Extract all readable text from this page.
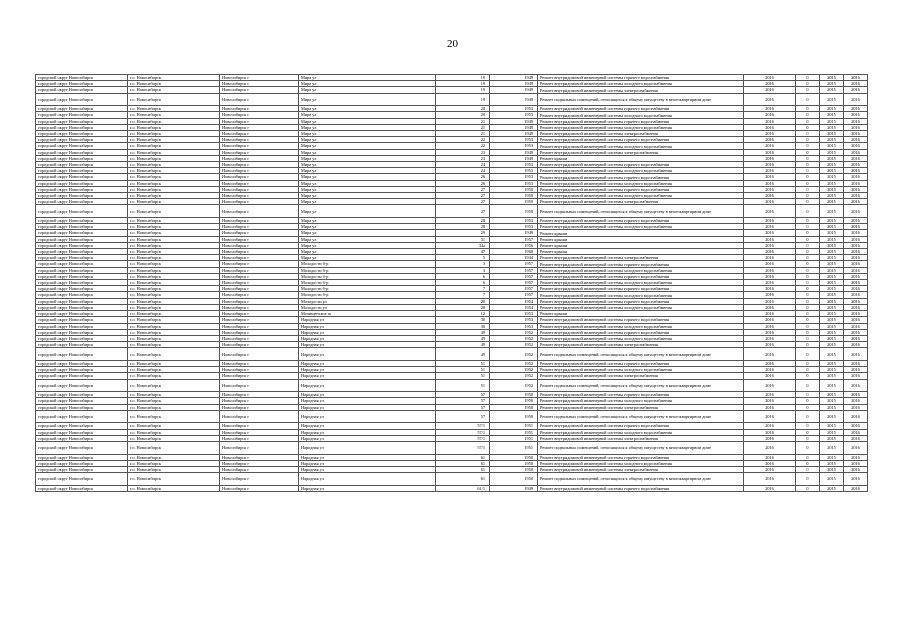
20
городской округ Новосибирск	г.о. Новосибирск	Новосибирск г	Мира ул	19	1949	Ремонт внутридомовой инженерной системы горячего водоснабжения	2016	0	2015	2016
городской округ Новосибирск	г.о. Новосибирск	Новосибирск г	Мира ул	19	1949	Ремонт внутридомовой инженерной системы холодного водоснабжения	2016	0	2015	2016
городской округ Новосибирск	г.о. Новосибирск	Новосибирск г	Мира ул	19	1949	Ремонт внутридомовой инженерной системы электроснабжения	2016	0	2015	2016
городской округ Новосибирск	г.о. Новосибирск	Новосибирск г	Мира ул	19	1949	Ремонт подвальных помещений, относящихся к общему имуществу в многоквартирном доме	2016	0	2015	2016
городской округ Новосибирск	г.о. Новосибирск	Новосибирск г	Мира ул	20	1953	Ремонт внутридомовой инженерной системы горячего водоснабжения	2016	0	2015	2016
городской округ Новосибирск	г.о. Новосибирск	Новосибирск г	Мира ул	20	1953	Ремонт внутридомовой инженерной системы холодного водоснабжения	2016	0	2015	2016
городской округ Новосибирск	г.о. Новосибирск	Новосибирск г	Мира ул	21	1949	Ремонт внутридомовой инженерной системы горячего водоснабжения	2016	0	2015	2016
городской округ Новосибирск	г.о. Новосибирск	Новосибирск г	Мира ул	21	1949	Ремонт внутридомовой инженерной системы холодного водоснабжения	2016	0	2015	2016
городской округ Новосибирск	г.о. Новосибирск	Новосибирск г	Мира ул	21	1949	Ремонт внутридомовой инженерной системы электроснабжения	2016	0	2015	2016
городской округ Новосибирск	г.о. Новосибирск	Новосибирск г	Мира ул	22	1953	Ремонт внутридомовой инженерной системы горячего водоснабжения	2016	0	2015	2016
городской округ Новосибирск	г.о. Новосибирск	Новосибирск г	Мира ул	22	1953	Ремонт внутридомовой инженерной системы холодного водоснабжения	2016	0	2015	2016
городской округ Новосибирск	г.о. Новосибирск	Новосибирск г	Мира ул	23	1949	Ремонт внутридомовой инженерной системы электроснабжения	2016	0	2015	2016
городской округ Новосибирск	г.о. Новосибирск	Новосибирск г	Мира ул	23	1949	Ремонт крыши	2016	0	2015	2016
городской округ Новосибирск	г.о. Новосибирск	Новосибирск г	Мира ул	24	1953	Ремонт внутридомовой инженерной системы горячего водоснабжения	2016	0	2015	2016
городской округ Новосибирск	г.о. Новосибирск	Новосибирск г	Мира ул	24	1953	Ремонт внутридомовой инженерной системы холодного водоснабжения	2016	0	2015	2016
городской округ Новосибирск	г.о. Новосибирск	Новосибирск г	Мира ул	26	1953	Ремонт внутридомовой инженерной системы горячего водоснабжения	2016	0	2015	2016
городской округ Новосибирск	г.о. Новосибирск	Новосибирск г	Мира ул	26	1953	Ремонт внутридомовой инженерной системы холодного водоснабжения	2016	0	2015	2016
городской округ Новосибирск	г.о. Новосибирск	Новосибирск г	Мира ул	27	1950	Ремонт внутридомовой инженерной системы горячего водоснабжения	2016	0	2015	2016
городской округ Новосибирск	г.о. Новосибирск	Новосибирск г	Мира ул	27	1950	Ремонт внутридомовой инженерной системы холодного водоснабжения	2016	0	2015	2016
городской округ Новосибирск	г.о. Новосибирск	Новосибирск г	Мира ул	27	1950	Ремонт внутридомовой инженерной системы электроснабжения	2016	0	2015	2016
городской округ Новосибирск	г.о. Новосибирск	Новосибирск г	Мира ул	27	1950	Ремонт подвальных помещений, относящихся к общему имуществу в многоквартирном доме	2016	0	2015	2016
городской округ Новосибирск	г.о. Новосибирск	Новосибирск г	Мира ул	28	1953	Ремонт внутридомовой инженерной системы горячего водоснабжения	2016	0	2015	2016
городской округ Новосибирск	г.о. Новосибирск	Новосибирск г	Мира ул	28	1953	Ремонт внутридомовой инженерной системы холодного водоснабжения	2016	0	2015	2016
городской округ Новосибирск	г.о. Новосибирск	Новосибирск г	Мира ул	29	1949	Ремонт крыши	2016	0	2015	2016
городской округ Новосибирск	г.о. Новосибирск	Новосибирск г	Мира ул	31	1957	Ремонт крыши	2016	0	2015	2016
городской округ Новосибирск	г.о. Новосибирск	Новосибирск г	Мира ул	34а	1956	Ремонт крыши	2016	0	2015	2016
городской округ Новосибирск	г.о. Новосибирск	Новосибирск г	Мира ул	47	1960	Ремонт крыши	2016	0	2015	2016
городской округ Новосибирск	г.о. Новосибирск	Новосибирск г	Мира ул	5	1944	Ремонт внутридомовой инженерной системы электроснабжения	2016	0	2015	2016
городской округ Новосибирск	г.о. Новосибирск	Новосибирск г	Молодости б-р	3	1957	Ремонт внутридомовой инженерной системы горячего водоснабжения	2016	0	2015	2016
городской округ Новосибирск	г.о. Новосибирск	Новосибирск г	Молодости б-р	3	1957	Ремонт внутридомовой инженерной системы холодного водоснабжения	2016	0	2015	2016
городской округ Новосибирск	г.о. Новосибирск	Новосибирск г	Молодости б-р	6	1957	Ремонт внутридомовой инженерной системы горячего водоснабжения	2016	0	2015	2016
городской округ Новосибирск	г.о. Новосибирск	Новосибирск г	Молодости б-р	6	1957	Ремонт внутридомовой инженерной системы холодного водоснабжения	2016	0	2015	2016
городской округ Новосибирск	г.о. Новосибирск	Новосибирск г	Молодости б-р	7	1957	Ремонт внутридомовой инженерной системы горячего водоснабжения	2016	0	2015	2016
городской округ Новосибирск	г.о. Новосибирск	Новосибирск г	Молодости б-р	7	1957	Ремонт внутридомовой инженерной системы холодного водоснабжения	2016	0	2015	2016
городской округ Новосибирск	г.о. Новосибирск	Новосибирск г	Молодости ул	20	1954	Ремонт внутридомовой инженерной системы горячего водоснабжения	2016	0	2015	2016
городской округ Новосибирск	г.о. Новосибирск	Новосибирск г	Молодости ул	20	1954	Ремонт внутридомовой инженерной системы холодного водоснабжения	2016	0	2015	2016
городской округ Новосибирск	г.о. Новосибирск	Новосибирск г	Мочищенское ш	12	1953	Ремонт крыши	2016	0	2015	2016
городской округ Новосибирск	г.о. Новосибирск	Новосибирск г	Народная ул	30	1953	Ремонт внутридомовой инженерной системы горячего водоснабжения	2016	0	2015	2016
городской округ Новосибирск	г.о. Новосибирск	Новосибирск г	Народная ул	30	1953	Ремонт внутридомовой инженерной системы холодного водоснабжения	2016	0	2015	2016
городской округ Новосибирск	г.о. Новосибирск	Новосибирск г	Народная ул	49	1952	Ремонт внутридомовой инженерной системы горячего водоснабжения	2016	0	2015	2016
городской округ Новосибирск	г.о. Новосибирск	Новосибирск г	Народная ул	49	1952	Ремонт внутридомовой инженерной системы холодного водоснабжения	2016	0	2015	2016
городской округ Новосибирск	г.о. Новосибирск	Новосибирск г	Народная ул	49	1952	Ремонт внутридомовой инженерной системы электроснабжения	2016	0	2015	2016
городской округ Новосибирск	г.о. Новосибирск	Новосибирск г	Народная ул	49	1952	Ремонт подвальных помещений, относящихся к общему имуществу в многоквартирном доме	2016	0	2015	2016
городской округ Новосибирск	г.о. Новосибирск	Новосибирск г	Народная ул	51	1952	Ремонт внутридомовой инженерной системы горячего водоснабжения	2016	0	2015	2016
городской округ Новосибирск	г.о. Новосибирск	Новосибирск г	Народная ул	51	1952	Ремонт внутридомовой инженерной системы холодного водоснабжения	2016	0	2015	2016
городской округ Новосибирск	г.о. Новосибирск	Новосибирск г	Народная ул	51	1952	Ремонт внутридомовой инженерной системы электроснабжения	2016	0	2015	2016
городской округ Новосибирск	г.о. Новосибирск	Новосибирск г	Народная ул	51	1952	Ремонт подвальных помещений, относящихся к общему имуществу в многоквартирном доме	2016	0	2015	2016
городской округ Новосибирск	г.о. Новосибирск	Новосибирск г	Народная ул	57	1950	Ремонт внутридомовой инженерной системы горячего водоснабжения	2016	0	2015	2016
городской округ Новосибирск	г.о. Новосибирск	Новосибирск г	Народная ул	57	1950	Ремонт внутридомовой инженерной системы холодного водоснабжения	2016	0	2015	2016
городской округ Новосибирск	г.о. Новосибирск	Новосибирск г	Народная ул	57	1950	Ремонт внутридомовой инженерной системы электроснабжения	2016	0	2015	2016
городской округ Новосибирск	г.о. Новосибирск	Новосибирск г	Народная ул	57	1950	Ремонт подвальных помещений, относящихся к общему имуществу в многоквартирном доме	2016	0	2015	2016
городской округ Новосибирск	г.о. Новосибирск	Новосибирск г	Народная ул	57/1	1951	Ремонт внутридомовой инженерной системы горячего водоснабжения	2016	0	2015	2016
городской округ Новосибирск	г.о. Новосибирск	Новосибирск г	Народная ул	57/1	1951	Ремонт внутридомовой инженерной системы холодного водоснабжения	2016	0	2015	2016
городской округ Новосибирск	г.о. Новосибирск	Новосибирск г	Народная ул	57/1	1951	Ремонт внутридомовой инженерной системы электроснабжения	2016	0	2015	2016
городской округ Новосибирск	г.о. Новосибирск	Новосибирск г	Народная ул	57/1	1951	Ремонт подвальных помещений, относящихся к общему имуществу в многоквартирном доме	2016	0	2015	2016
городской округ Новосибирск	г.о. Новосибирск	Новосибирск г	Народная ул	61	1950	Ремонт внутридомовой инженерной системы горячего водоснабжения	2016	0	2015	2016
городской округ Новосибирск	г.о. Новосибирск	Новосибирск г	Народная ул	61	1950	Ремонт внутридомовой инженерной системы холодного водоснабжения	2016	0	2015	2016
городской округ Новосибирск	г.о. Новосибирск	Новосибирск г	Народная ул	61	1950	Ремонт внутридомовой инженерной системы электроснабжения	2016	0	2015	2016
городской округ Новосибирск	г.о. Новосибирск	Новосибирск г	Народная ул	61	1950	Ремонт подвальных помещений, относящихся к общему имуществу в многоквартирном доме	2016	0	2015	2016
городской округ Новосибирск	г.о. Новосибирск	Новосибирск г	Народная ул	61/1	1949	Ремонт внутридомовой инженерной системы горячего водоснабжения	2016	0	2015	2016
